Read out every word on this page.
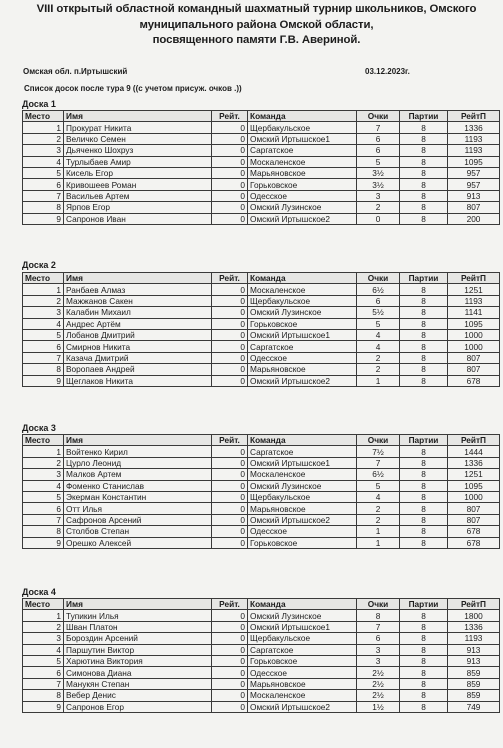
VIII открытый областной командный шахматный турнир школьников, Омского
муниципального района Омской области,
посвященного памяти Г.В. Авериной.
Омская обл. п.Иртышский	03.12.2023г.
Список досок после тура 9 ((с учетом присуж. очков .))
Доска 1
Место	Имя	Рейт.	Команда	Очки	Партии	РейтП
1	Прокурат Никита	0	Щербакульское	7	8	1336
2	Величко Семен	0	Омский Иртышское1	6	8	1193
3	Дьяченко Шохруз	0	Саргатское	6	8	1193
4	Турлыбаев Амир	0	Москаленское	5	8	1095
5	Кисель Егор	0	Марьяновское	3½	8	957
6	Кривошеев Роман	0	Горьковское	3½	8	957
7	Васильев Артем	0	Одесское	3	8	913
8	Ярпов Егор	0	Омский Лузинское	2	8	807
9	Сапронов Иван	0	Омский Иртышское2	0	8	200
Доска 2
Место	Имя	Рейт.	Команда	Очки	Партии	РейтП
1	Ранбаев Алмаз	0	Москаленское	6½	8	1251
2	Мажжанов Сакен	0	Щербакульское	6	8	1193
3	Калабин Михаил	0	Омский Лузинское	5½	8	1141
4	Андрес Артём	0	Горьковское	5	8	1095
5	Лобанов Дмитрий	0	Омский Иртышское1	4	8	1000
6	Смирнов Никита	0	Саргатское	4	8	1000
7	Казача Дмитрий	0	Одесское	2	8	807
8	Воропаев Андрей	0	Марьяновское	2	8	807
9	Щеглаков Никита	0	Омский Иртышское2	1	8	678
Доска 3
Место	Имя	Рейт.	Команда	Очки	Партии	РейтП
1	Войтенко Кирил	0	Саргатское	7½	8	1444
2	Цурло Леонид	0	Омский Иртышское1	7	8	1336
3	Малков Артем	0	Москаленское	6½	8	1251
4	Фоменко Станислав	0	Омский Лузинское	5	8	1095
5	Экерман Константин	0	Щербакульское	4	8	1000
6	Отт Илья	0	Марьяновское	2	8	807
7	Сафронов Арсений	0	Омский Иртышское2	2	8	807
8	Столбов Степан	0	Одесское	1	8	678
9	Орешко Алексей	0	Горьковское	1	8	678
Доска 4
Место	Имя	Рейт.	Команда	Очки	Партии	РейтП
1	Тупикин Илья	0	Омский Лузинское	8	8	1800
2	Шван Платон	0	Омский Иртышское1	7	8	1336
3	Бороздин Арсений	0	Щербакульское	6	8	1193
4	Паршутин Виктор	0	Саргатское	3	8	913
5	Харютина Виктория	0	Горьковское	3	8	913
6	Симонова Диана	0	Одесское	2½	8	859
7	Манукян Степан	0	Марьяновское	2½	8	859
8	Вебер Денис	0	Москаленское	2½	8	859
9	Сапронов Егор	0	Омский Иртышское2	1½	8	749
